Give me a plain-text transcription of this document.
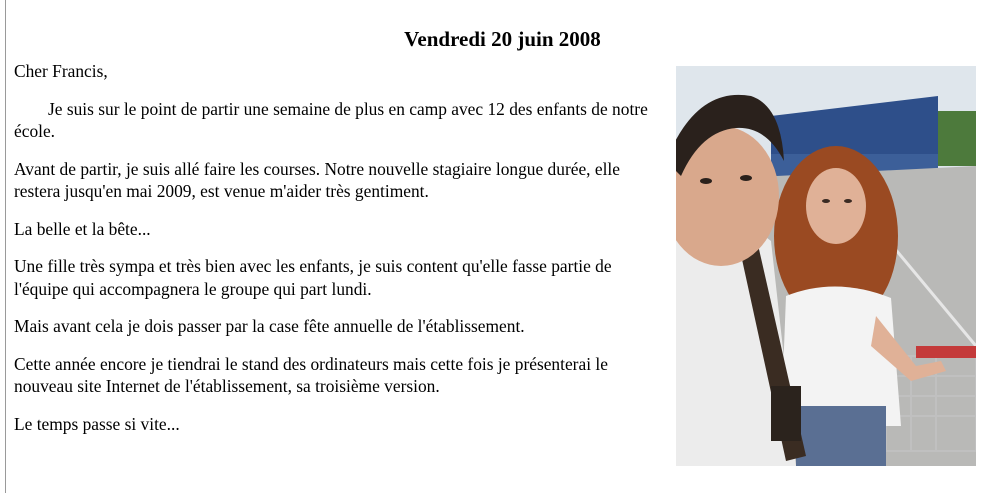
Vendredi 20 juin 2008

Cher Francis,

Je suis sur le point de partir une semaine de plus en camp avec 12 des enfants de notre école.

Avant de partir, je suis allé faire les courses. Notre nouvelle stagiaire longue durée, elle restera jusqu'en mai 2009, est venue m'aider très gentiment.

La belle et la bête...

Une fille très sympa et très bien avec les enfants, je suis content qu'elle fasse partie de l'équipe qui accompagnera le groupe qui part lundi.

Mais avant cela je dois passer par la case fête annuelle de l'établissement.

Cette année encore je tiendrai le stand des ordinateurs mais cette fois je présenterai le nouveau site Internet de l'établissement, sa troisième version.

Le temps passe si vite...
